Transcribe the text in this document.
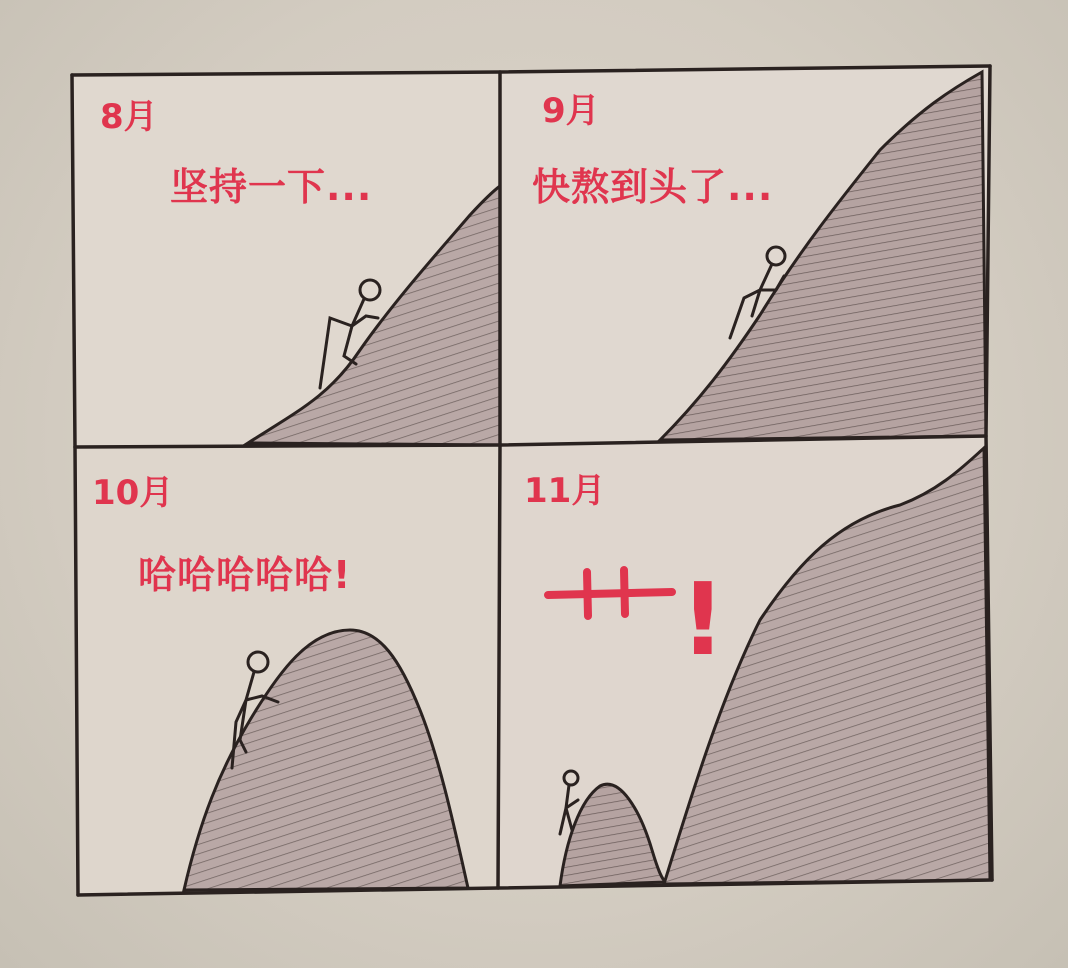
8月
坚持一下...
9月
快熬到头了...
10月
哈哈哈哈哈!
11月
!
